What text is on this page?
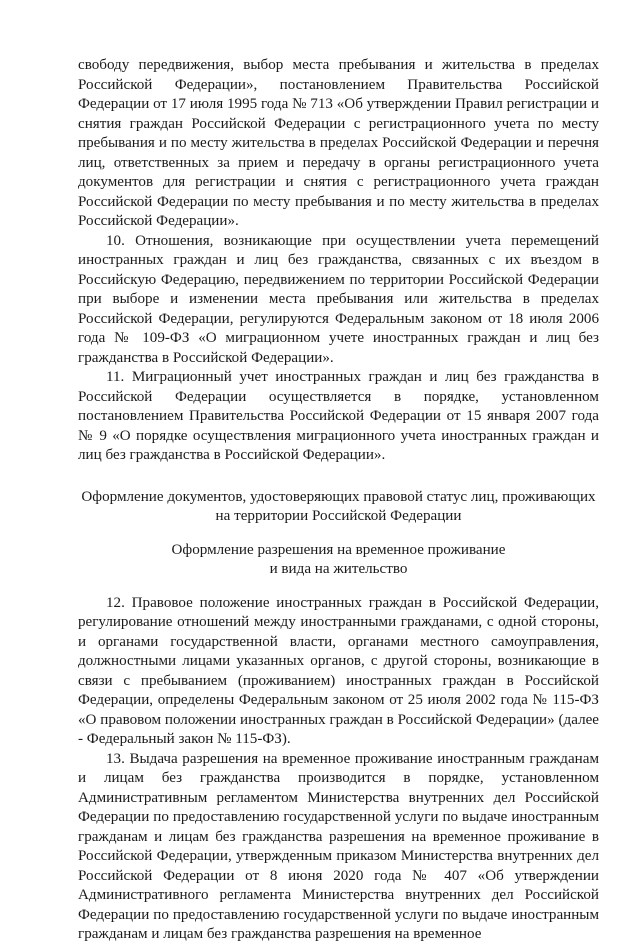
свободу передвижения, выбор места пребывания и жительства в пределах Российской Федерации», постановлением Правительства Российской Федерации от 17 июля 1995 года № 713 «Об утверждении Правил регистрации и снятия граждан Российской Федерации с регистрационного учета по месту пребывания и по месту жительства в пределах Российской Федерации и перечня лиц, ответственных за прием и передачу в органы регистрационного учета документов для регистрации и снятия с регистрационного учета граждан Российской Федерации по месту пребывания и по месту жительства в пределах Российской Федерации».

10. Отношения, возникающие при осуществлении учета перемещений иностранных граждан и лиц без гражданства, связанных с их въездом в Российскую Федерацию, передвижением по территории Российской Федерации при выборе и изменении места пребывания или жительства в пределах Российской Федерации, регулируются Федеральным законом от 18 июля 2006 года № 109-ФЗ «О миграционном учете иностранных граждан и лиц без гражданства в Российской Федерации».

11. Миграционный учет иностранных граждан и лиц без гражданства в Российской Федерации осуществляется в порядке, установленном постановлением Правительства Российской Федерации от 15 января 2007 года № 9 «О порядке осуществления миграционного учета иностранных граждан и лиц без гражданства в Российской Федерации».

Оформление документов, удостоверяющих правовой статус лиц, проживающих

на территории Российской Федерации

Оформление разрешения на временное проживание

и вида на жительство

12. Правовое положение иностранных граждан в Российской Федерации, регулирование отношений между иностранными гражданами, с одной стороны, и органами государственной власти, органами местного самоуправления, должностными лицами указанных органов, с другой стороны, возникающие в связи с пребыванием (проживанием) иностранных граждан в Российской Федерации, определены Федеральным законом от 25 июля 2002 года № 115-ФЗ «О правовом положении иностранных граждан в Российской Федерации» (далее - Федеральный закон № 115-ФЗ).

13. Выдача разрешения на временное проживание иностранным гражданам и лицам без гражданства производится в порядке, установленном Административным регламентом Министерства внутренних дел Российской Федерации по предоставлению государственной услуги по выдаче иностранным гражданам и лицам без гражданства разрешения на временное проживание в Российской Федерации, утвержденным приказом Министерства внутренних дел Российской Федерации от 8 июня 2020 года № 407 «Об утверждении Административного регламента Министерства внутренних дел Российской Федерации по предоставлению государственной услуги по выдаче иностранным гражданам и лицам без гражданства разрешения на временное
